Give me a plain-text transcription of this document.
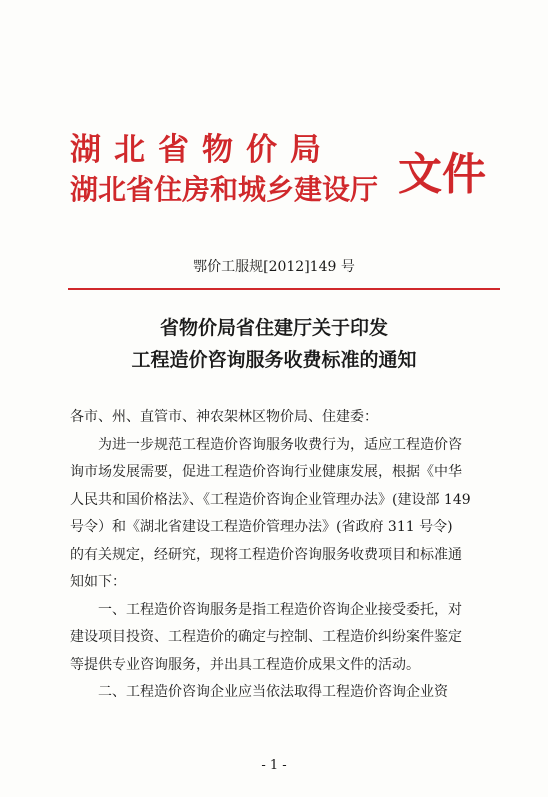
湖北省物价局
湖北省住房和城乡建设厅 文件
鄂价工服规[2012]149 号
省物价局省住建厅关于印发
工程造价咨询服务收费标准的通知
各市、州、直管市、神农架林区物价局、住建委：
为进一步规范工程造价咨询服务收费行为，适应工程造价咨
询市场发展需要，促进工程造价咨询行业健康发展，根据《中华
人民共和国价格法》、《工程造价咨询企业管理办法》(建设部 149
号令）和《湖北省建设工程造价管理办法》(省政府 311 号令)
的有关规定，经研究，现将工程造价咨询服务收费项目和标准通
知如下：
一、工程造价咨询服务是指工程造价咨询企业接受委托，对
建设项目投资、工程造价的确定与控制、工程造价纠纷案件鉴定
等提供专业咨询服务，并出具工程造价成果文件的活动。
二、工程造价咨询企业应当依法取得工程造价咨询企业资
- 1 -
